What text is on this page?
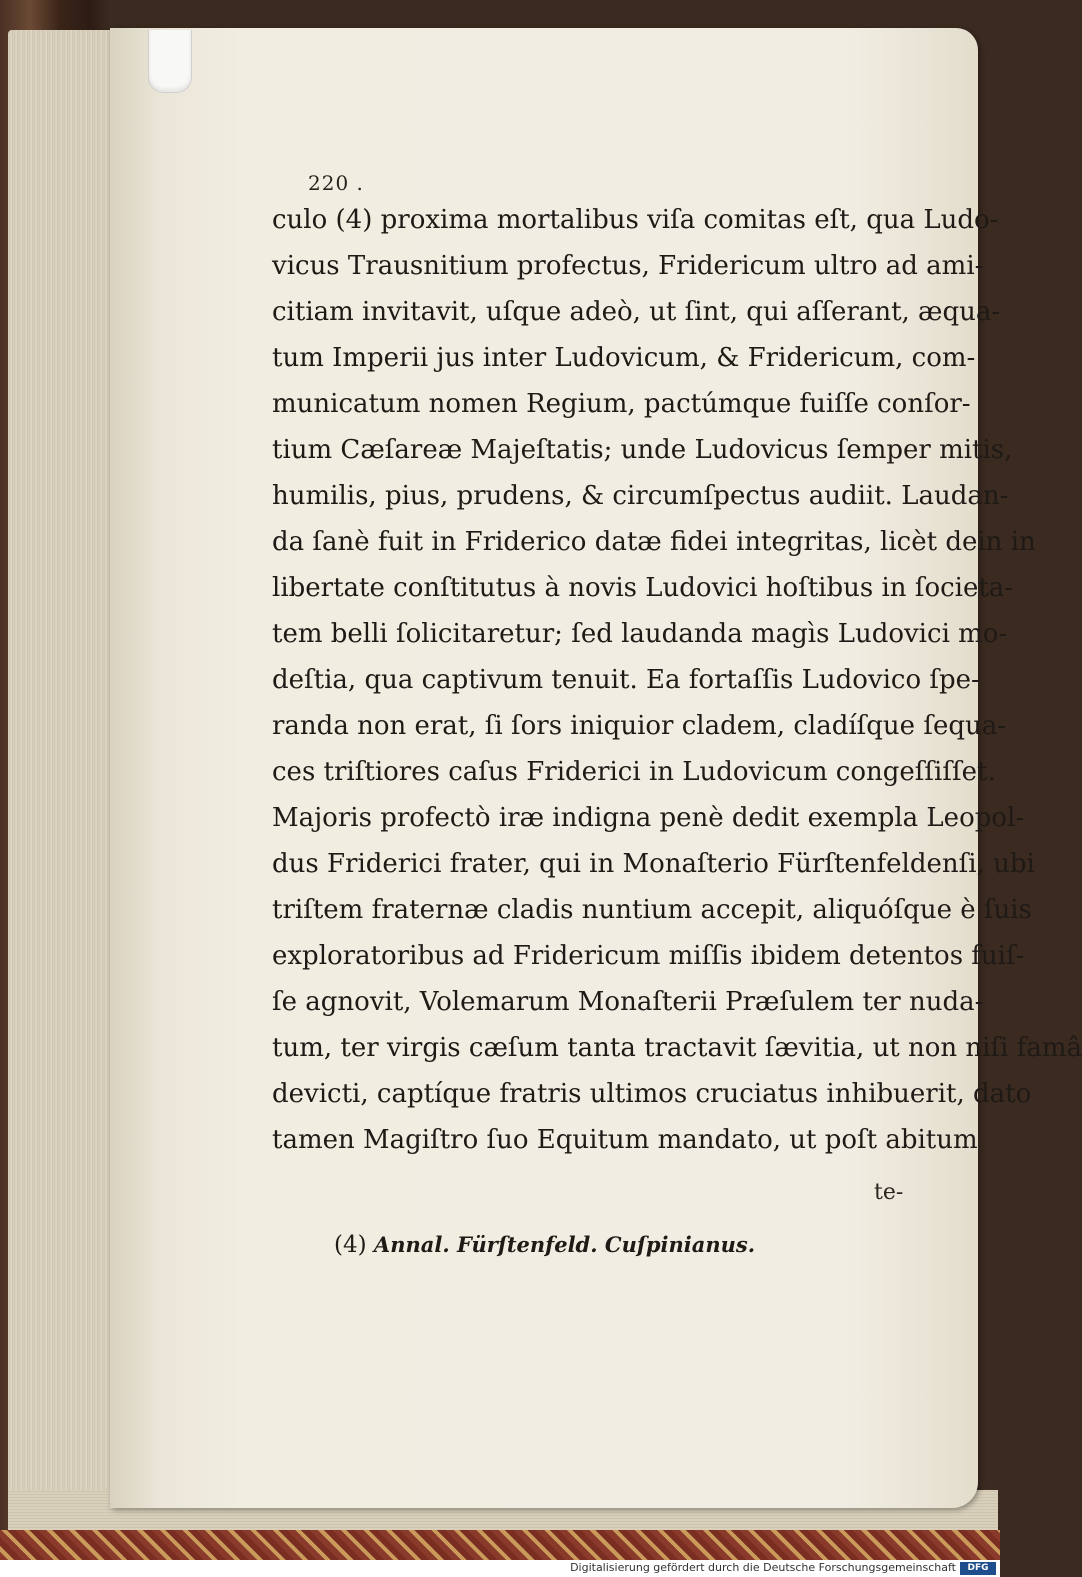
220 .
culo (4) proxima mortalibus viſa comitas eſt, qua Ludo-
vicus Trausnitium profectus, Fridericum ultro ad ami-
citiam invitavit, uſque adeò, ut ſint, qui aſſerant, æqua-
tum Imperii jus inter Ludovicum, & Fridericum, com-
municatum nomen Regium, pactúmque fuiſſe conſor-
tium Cæſareæ Majeſtatis; unde Ludovicus ſemper mitis,
humilis, pius, prudens, & circumſpectus audiit. Laudan-
da ſanè fuit in Friderico datæ fidei integritas, licèt dein in
libertate conſtitutus à novis Ludovici hoſtibus in ſocieta-
tem belli ſolicitaretur; ſed laudanda magìs Ludovici mo-
deſtia, qua captivum tenuit. Ea fortaſſis Ludovico ſpe-
randa non erat, ſi ſors iniquior cladem, cladíſque ſequa-
ces triſtiores caſus Friderici in Ludovicum congeſſiſſet.
Majoris profectò iræ indigna penè dedit exempla Leopol-
dus Friderici frater, qui in Monaſterio Fürſtenfeldenſi, ubi
triſtem fraternæ cladis nuntium accepit, aliquóſque è ſuis
exploratoribus ad Fridericum miſſis ibidem detentos fuiſ-
ſe agnovit, Volemarum Monaſterii Præſulem ter nuda-
tum, ter virgis cæſum tanta tractavit ſævitia, ut non niſi famâ
devicti, captíque fratris ultimos cruciatus inhibuerit, dato
tamen Magiſtro ſuo Equitum mandato, ut poſt abitum
te-
(4) Annal. Fürſtenfeld. Cuſpinianus.
Digitalisierung gefördert durch die Deutsche Forschungsgemeinschaft	DFG
